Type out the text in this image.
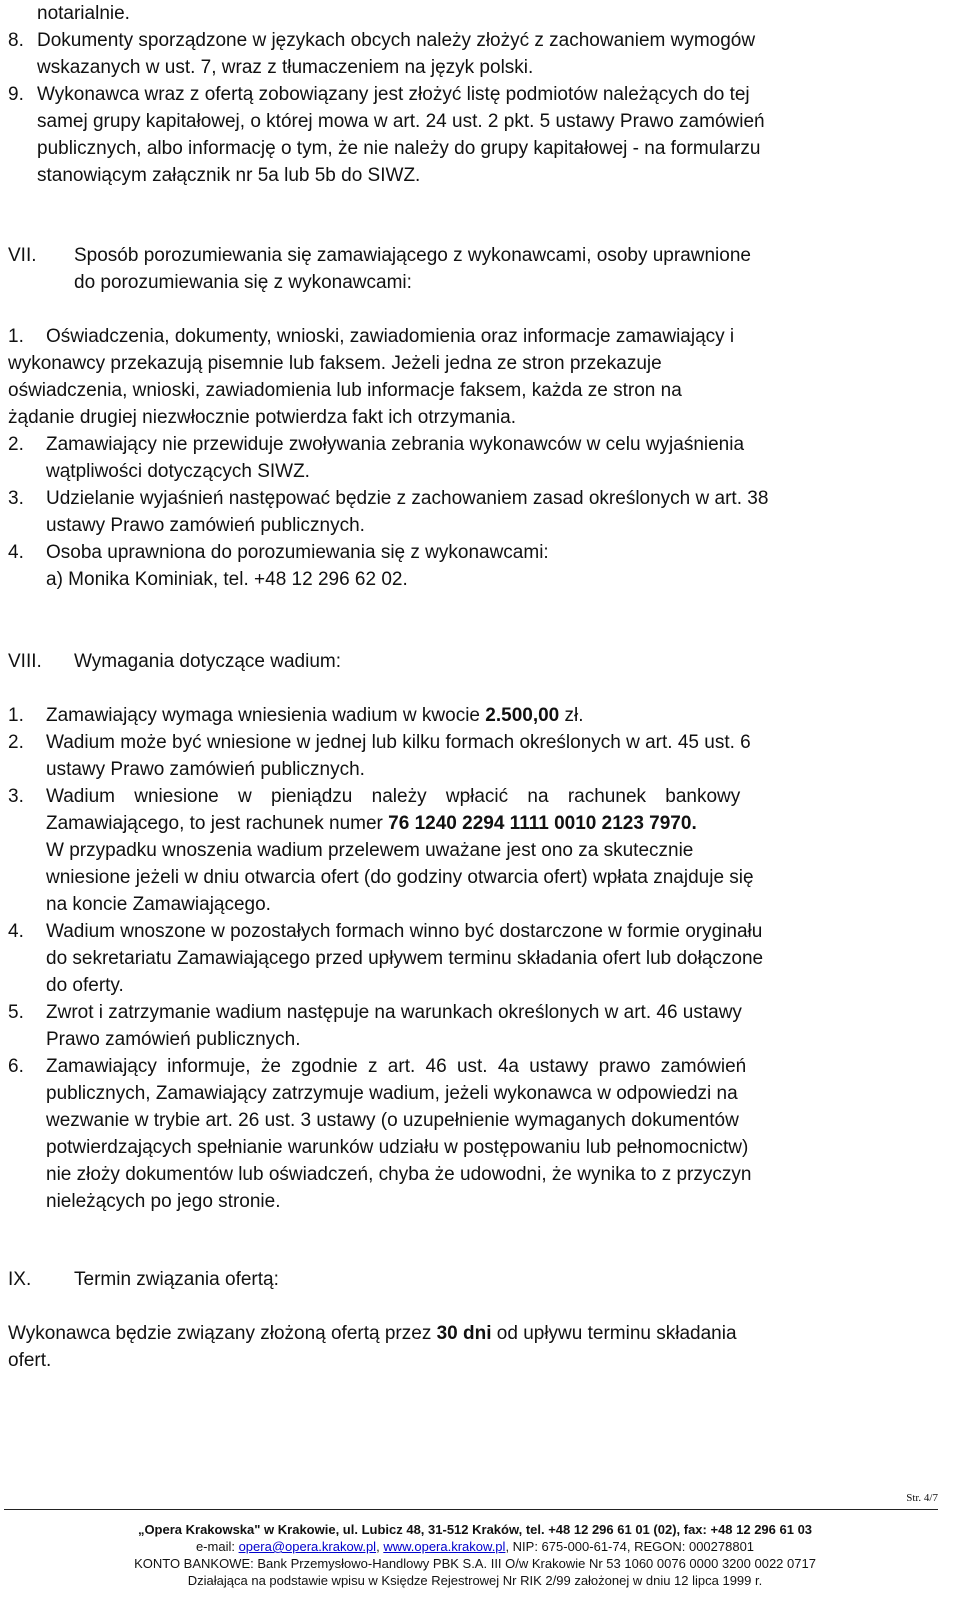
notarialnie.
8. Dokumenty sporządzone w językach obcych należy złożyć z zachowaniem wymogów
wskazanych w ust. 7, wraz z tłumaczeniem na język polski.
9. Wykonawca wraz z ofertą zobowiązany jest złożyć listę podmiotów należących do tej
samej grupy kapitałowej, o której mowa w art. 24 ust. 2 pkt. 5 ustawy Prawo zamówień
publicznych, albo informację o tym, że nie należy do grupy kapitałowej - na formularzu
stanowiącym załącznik nr 5a lub 5b do SIWZ.
VII.	Sposób porozumiewania się zamawiającego z wykonawcami, osoby uprawnione
do porozumiewania się z wykonawcami:
1.	Oświadczenia, dokumenty, wnioski, zawiadomienia oraz informacje zamawiający i
wykonawcy przekazują pisemnie lub faksem. Jeżeli jedna ze stron przekazuje
oświadczenia, wnioski, zawiadomienia lub informacje faksem, każda ze stron na
żądanie drugiej niezwłocznie potwierdza fakt ich otrzymania.
2.	Zamawiający nie przewiduje zwoływania zebrania wykonawców w celu wyjaśnienia
wątpliwości dotyczących SIWZ.
3.	Udzielanie wyjaśnień następować będzie z zachowaniem zasad określonych w art. 38
ustawy Prawo zamówień publicznych.
4.	Osoba uprawniona do porozumiewania się z wykonawcami:
a) Monika Kominiak, tel. +48 12 296 62 02.
VIII.	Wymagania dotyczące wadium:
1.	Zamawiający wymaga wniesienia wadium w kwocie 2.500,00 zł.
2.	Wadium może być wniesione w jednej lub kilku formach określonych w art. 45 ust. 6
ustawy Prawo zamówień publicznych.
3.	Wadium wniesione w pieniądzu należy wpłacić na rachunek bankowy
Zamawiającego, to jest rachunek numer 76 1240 2294 1111 0010 2123 7970.
W przypadku wnoszenia wadium przelewem uważane jest ono za skutecznie
wniesione jeżeli w dniu otwarcia ofert (do godziny otwarcia ofert) wpłata znajduje się
na koncie Zamawiającego.
4.	Wadium wnoszone w pozostałych formach winno być dostarczone w formie oryginału
do sekretariatu Zamawiającego przed upływem terminu składania ofert lub dołączone
do oferty.
5.	Zwrot i zatrzymanie wadium następuje na warunkach określonych w art. 46 ustawy
Prawo zamówień publicznych.
6.	Zamawiający informuje, że zgodnie z art. 46 ust. 4a ustawy prawo zamówień
publicznych, Zamawiający zatrzymuje wadium, jeżeli wykonawca w odpowiedzi na
wezwanie w trybie art. 26 ust. 3 ustawy (o uzupełnienie wymaganych dokumentów
potwierdzających spełnianie warunków udziału w postępowaniu lub pełnomocnictw)
nie złoży dokumentów lub oświadczeń, chyba że udowodni, że wynika to z przyczyn
nieleżących po jego stronie.
IX.	Termin związania ofertą:
Wykonawca będzie związany złożoną ofertą przez 30 dni od upływu terminu składania
ofert.
Str. 4/7
„Opera Krakowska" w Krakowie, ul. Lubicz 48, 31-512 Kraków, tel. +48 12 296 61 01 (02), fax: +48 12 296 61 03
e-mail: opera@opera.krakow.pl, www.opera.krakow.pl, NIP: 675-000-61-74, REGON: 000278801
KONTO BANKOWE: Bank Przemysłowo-Handlowy PBK S.A. III O/w Krakowie Nr 53 1060 0076 0000 3200 0022 0717
Działająca na podstawie wpisu w Księdze Rejestrowej Nr RIK 2/99 założonej w dniu 12 lipca 1999 r.
